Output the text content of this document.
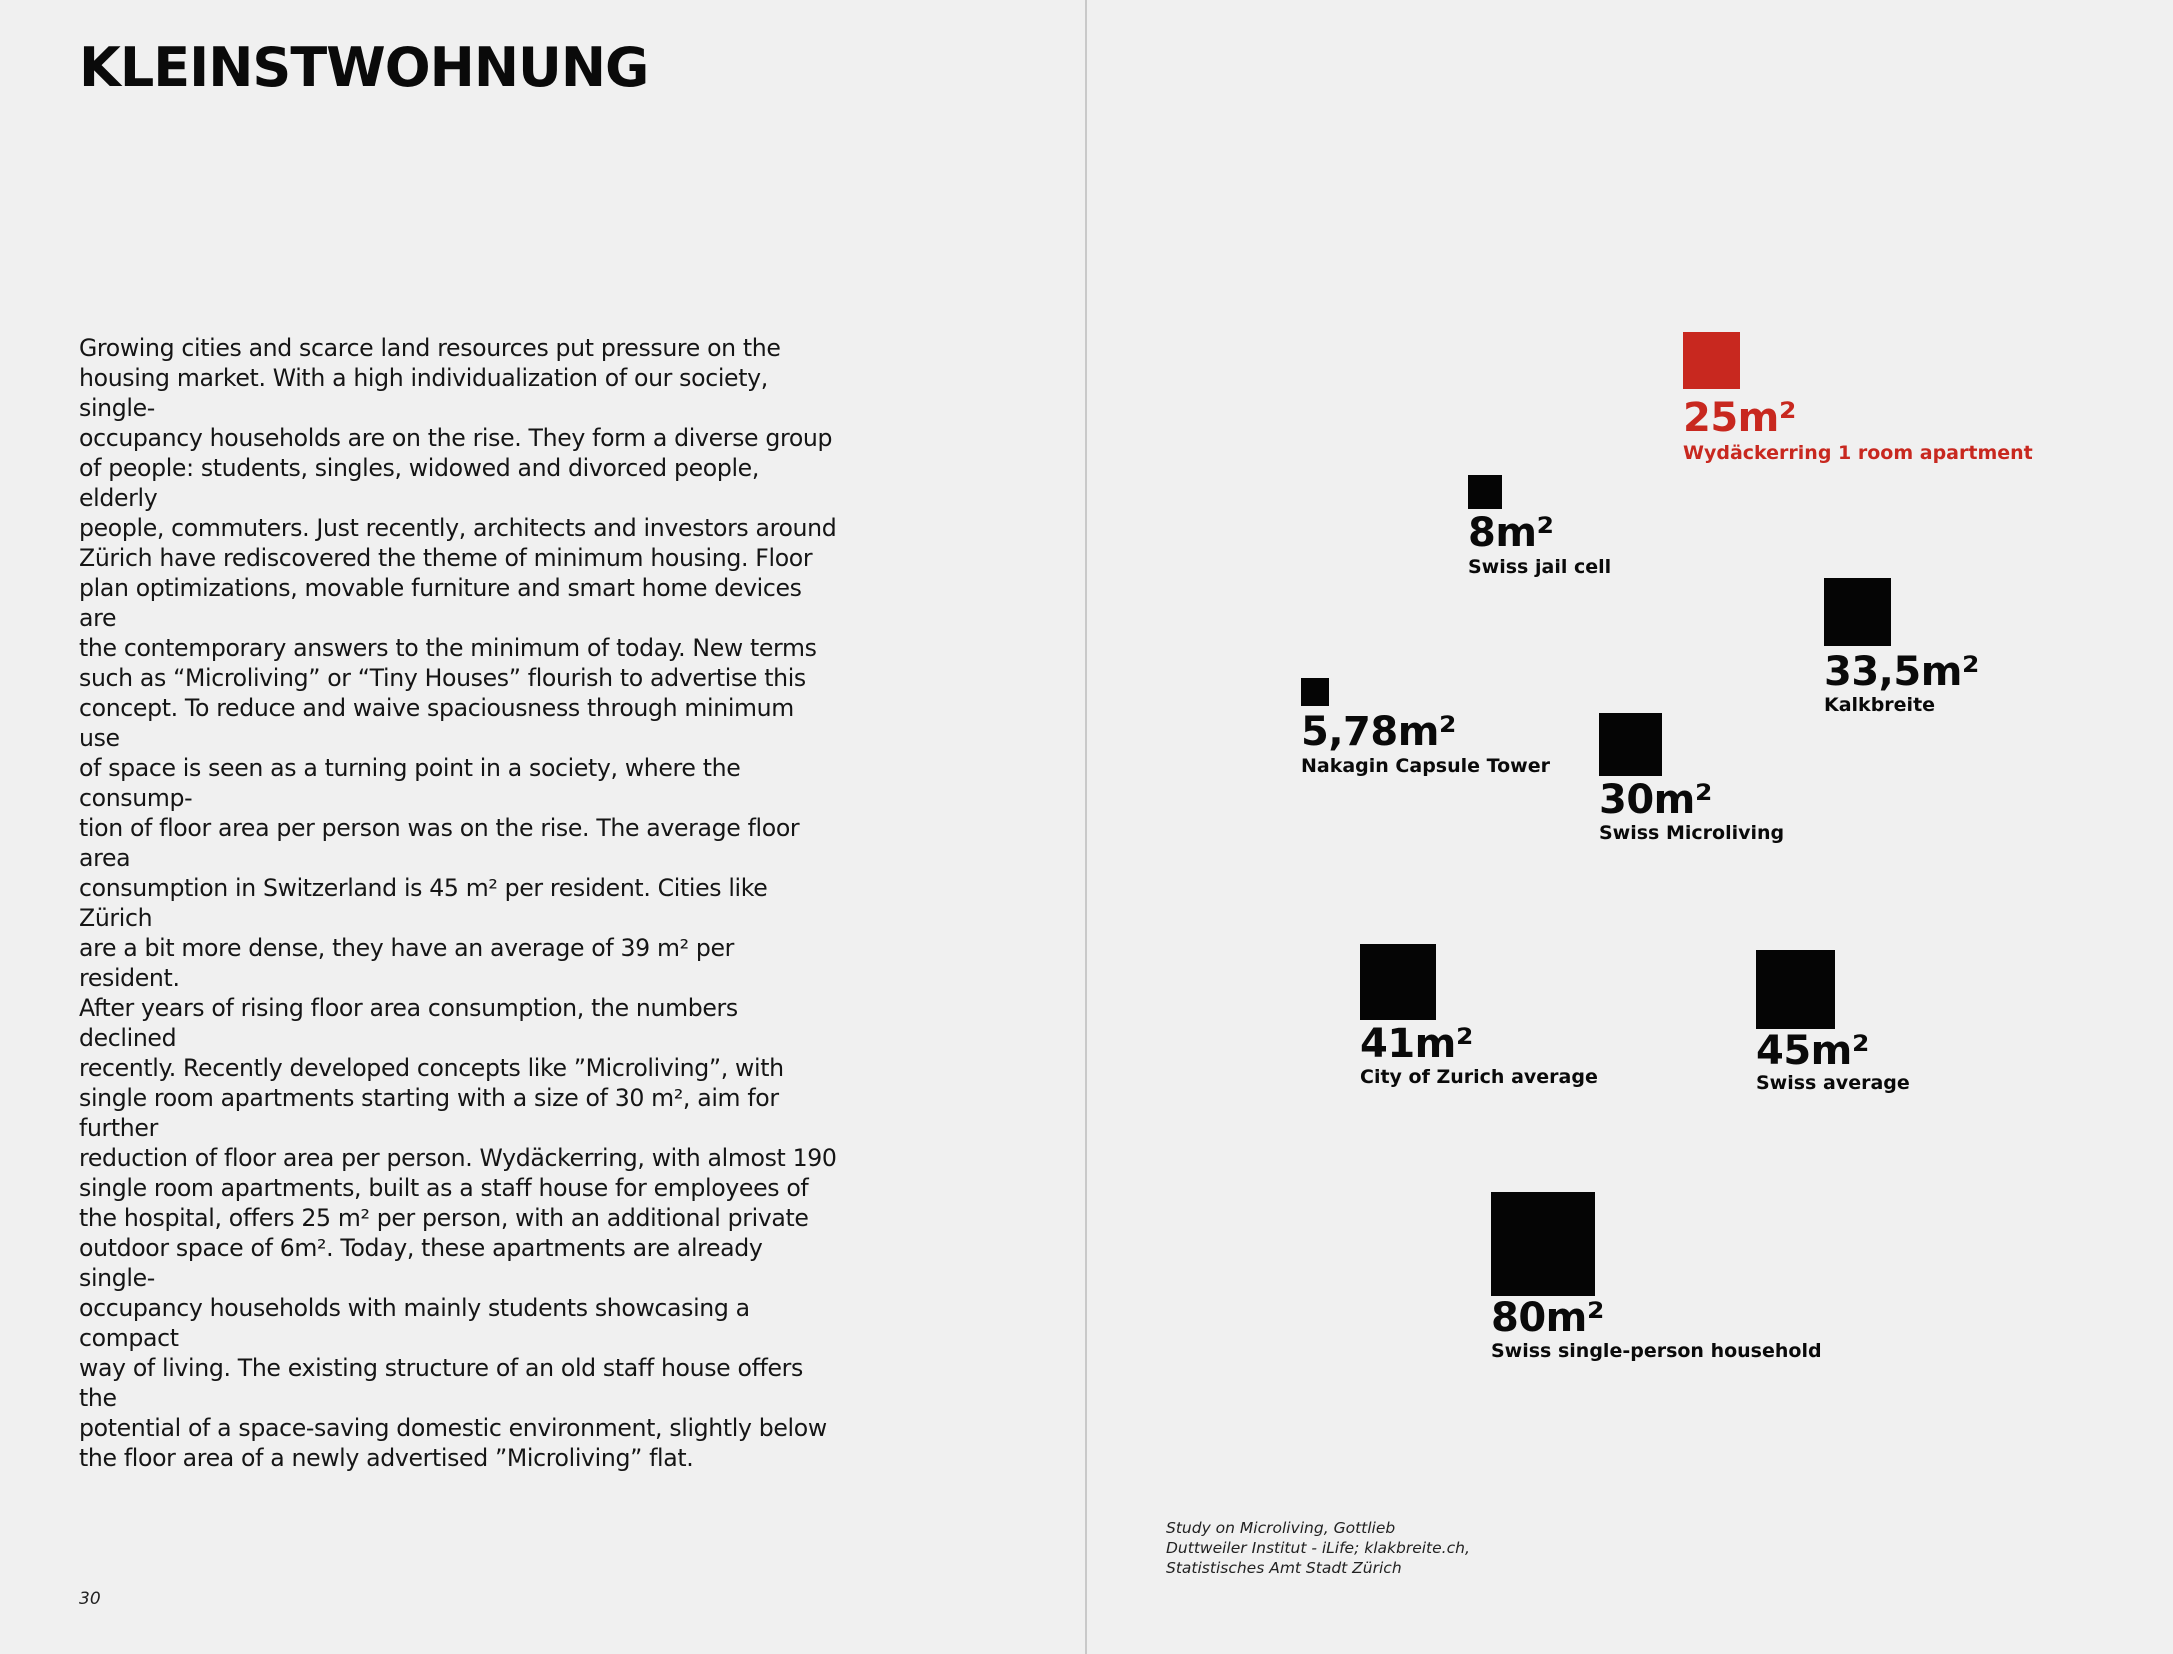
KLEINSTWOHNUNG

Growing cities and scarce land resources put pressure on the
housing market. With a high individualization of our society, single-
occupancy households are on the rise. They form a diverse group
of people: students, singles, widowed and divorced people, elderly
people, commuters. Just recently, architects and investors around
Zürich have rediscovered the theme of minimum housing. Floor
plan optimizations, movable furniture and smart home devices are
the contemporary answers to the minimum of today. New terms
such as “Microliving” or “Tiny Houses” flourish to advertise this
concept. To reduce and waive spaciousness through minimum use
of space is seen as a turning point in a society, where the consump-
tion of floor area per person was on the rise. The average floor area
consumption in Switzerland is 45 m² per resident. Cities like Zürich
are a bit more dense, they have an average of 39 m² per resident.
After years of rising floor area consumption, the numbers declined
recently. Recently developed concepts like ”Microliving”, with
single room apartments starting with a size of 30 m², aim for further
reduction of floor area per person. Wydäckerring, with almost 190
single room apartments, built as a staff house for employees of
the hospital, offers 25 m² per person, with an additional private
outdoor space of 6m². Today, these apartments are already single-
occupancy households with mainly students showcasing a compact
way of living. The existing structure of an old staff house offers the
potential of a space-saving domestic environment, slightly below
the floor area of a newly advertised ”Microliving” flat.

30
25m²
Wydäckerring 1 room apartment
8m²
Swiss jail cell
33,5m²
Kalkbreite
5,78m²
Nakagin Capsule Tower
30m²
Swiss Microliving
41m²
City of Zurich average
45m²
Swiss average
80m²
Swiss single-person household
Study on Microliving, Gottlieb
Duttweiler Institut - iLife; klakbreite.ch,
Statistisches Amt Stadt Zürich
